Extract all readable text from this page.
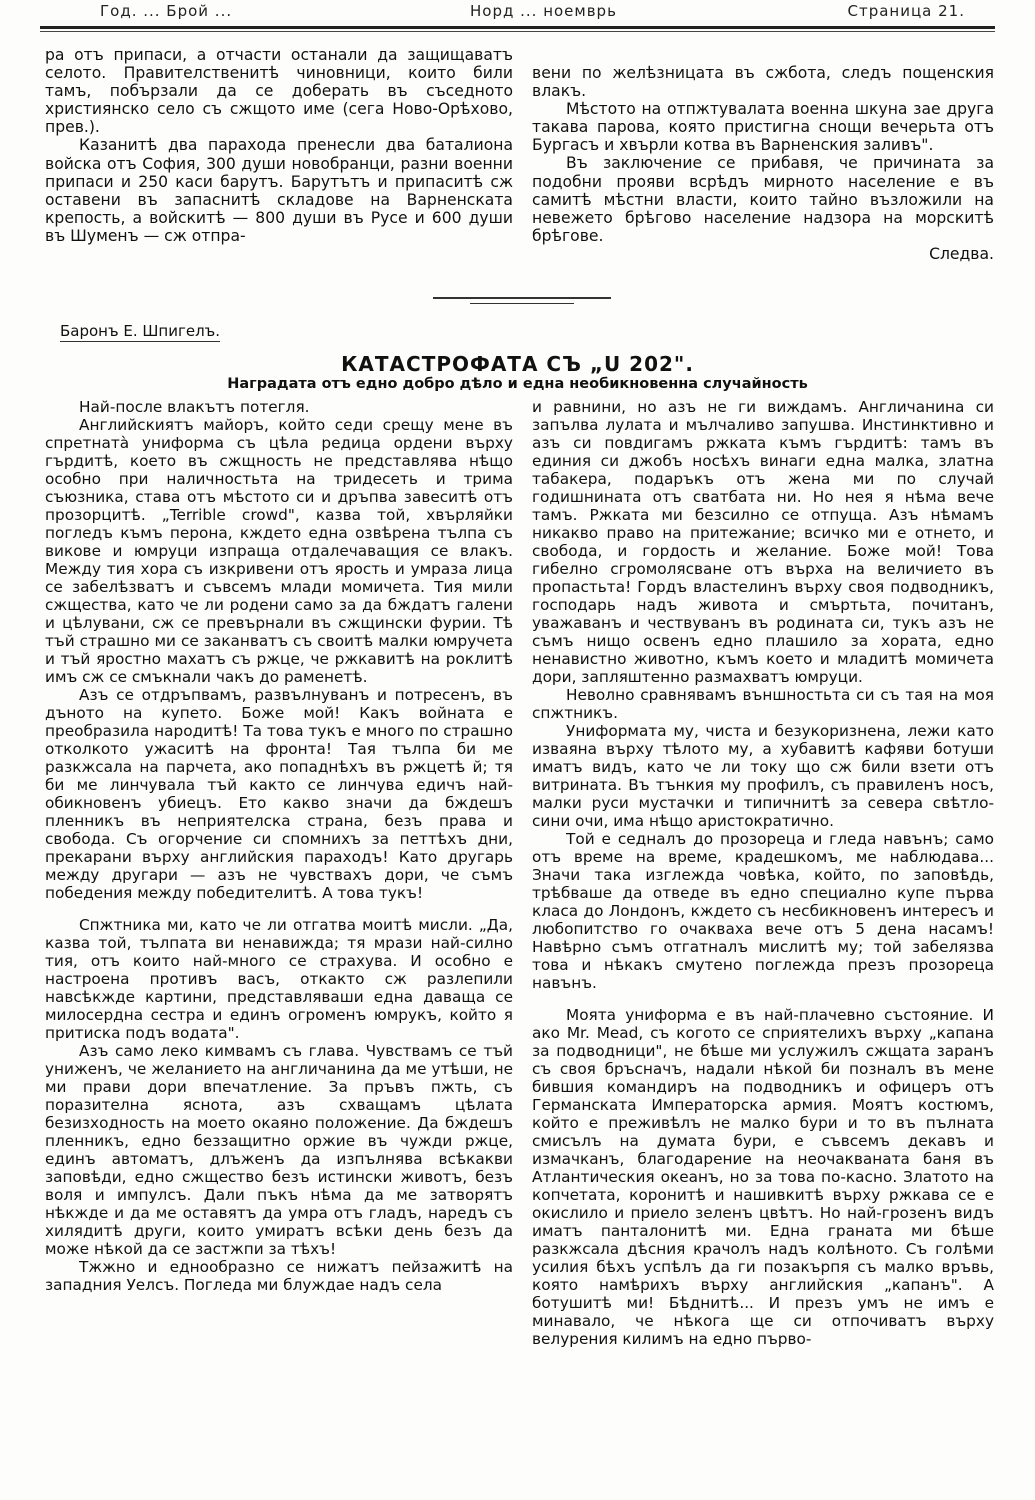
Год. ... Брой ...	Норд ... ноемврь	Страница 21.

ра отъ припаси, а отчасти останали да защищаватъ селото. Правителственитѣ чиновници, които били тамъ, побързали да се доберать въ съседното християнско село съ сжщото име (сега Ново-Орѣхово, прев.).

Казанитѣ два парахода пренесли два баталиона войска отъ София, 300 души новобранци, разни военни припаси и 250 каси барутъ. Барутътъ и припаситѣ сж оставени въ запаснитѣ складове на Варненската крепость, а войскитѣ — 800 души въ Русе и 600 души въ Шуменъ — сж отпра-

вени по желѣзницата въ сжбота, следъ пощенския влакъ.

Мѣстото на отпжтувалата военна шкуна зае друга такава парова, която пристигна снощи вечерьта отъ Бургасъ и хвърли котва въ Варненския заливъ".

Въ заключение се прибавя, че причината за подобни прояви всрѣдъ мирното население е въ самитѣ мѣстни власти, които тайно възложили на невежето брѣгово население надзора на морскитѣ брѣгове.

Следва.

Баронъ Е. Шпигелъ.
КАТАСТРОФАТА СЪ „U 202".
Наградата отъ едно добро дѣло и една необикновенна случайность

Най-после влакътъ потегля.

Английскиятъ майоръ, който седи срещу мене въ спретнатà униформа съ цѣла редица ордени върху гърдитѣ, което въ сжщность не представлява нѣщо особно при наличностьта на тридесеть и трима съюзника, става отъ мѣстото си и дръпва завеситѣ отъ прозорцитѣ. „Terrible crowd", казва той, хвърляйки погледъ къмъ перона, кждето една озвѣрена тълпа съ викове и юмруци изпраща отдалечаващия се влакъ. Между тия хора съ изкривени отъ ярость и умраза лица се забелѣзватъ и съвсемъ млади момичета. Тия мили сжщества, като че ли родени само за да бждатъ галени и цѣлувани, сж се превърнали въ сжщински фурии. Тѣ тъй страшно ми се заканватъ съ своитѣ малки юмручета и тъй яростно махатъ съ ржце, че ржкавитѣ на роклитѣ имъ сж се смъкнали чакъ до раменетѣ.

Азъ се отдръпвамъ, развълнуванъ и потресенъ, въ дъното на купето. Боже мой! Какъ войната е преобразила народитѣ! Та това тукъ е много по страшно отколкото ужаситѣ на фронта! Тая тълпа би ме разкжсала на парчета, ако попаднѣхъ въ ржцетѣ й; тя би ме линчувала тъй както се линчува едичъ най-обикновенъ убиецъ. Ето какво значи да бждешъ пленникъ въ неприятелска страна, безъ права и свобода. Съ огорчение си спомнихъ за петтѣхъ дни, прекарани върху английския параходъ! Като другарь между другари — азъ не чувствахъ дори, че съмъ победения между победителитѣ. А това тукъ!

Спжтника ми, като че ли отгатва моитѣ мисли. „Да, казва той, тълпата ви ненавижда; тя мрази най-силно тия, отъ които най-много се страхува. И особно е настроена противъ васъ, откакто сж разлепили навсѣкжде картини, представляваши една даваща се милосердна сестра и единъ огроменъ юмрукъ, който я притиска подъ водата".

Азъ само леко кимвамъ съ глава. Чувствамъ се тъй униженъ, че желанието на англичанина да ме утѣши, не ми прави дори впечатление. За пръвъ пжть, съ поразителна яснота, азъ схващамъ цѣлата безизходность на моето окаяно положение. Да бждешъ пленникъ, едно беззащитно оржие въ чужди ржце, единъ автоматъ, длъженъ да изпълнява всѣкакви заповѣди, едно сжщество безъ истински животъ, безъ воля и импулсъ. Дали пъкъ нѣма да ме затворятъ нѣкжде и да ме оставятъ да умра отъ гладъ, наредъ съ хилядитѣ други, които умиратъ всѣки день безъ да може нѣкой да се застжпи за тѣхъ!

Тжжно и еднообразно се нижатъ пейзажитѣ на западния Уелсъ. Погледа ми блуждае надъ села

и равнини, но азъ не ги виждамъ. Англичанина си запълва лулата и мълчаливо запушва. Инстинктивно и азъ си повдигамъ ржката къмъ гърдитѣ: тамъ въ единия си джобъ носѣхъ винаги една малка, златна табакера, подаръкъ отъ жена ми по случай годишнината отъ сватбата ни. Но нея я нѣма вече тамъ. Ржката ми безсилно се отпуща. Азъ нѣмамъ никакво право на притежание; всичко ми е отнето, и свобода, и гордость и желание. Боже мой! Това гибелно сгромолясване отъ върха на величието въ пропастьта! Гордъ властелинъ върху своя подводникъ, господарь надъ живота и смъртьта, почитанъ, уважаванъ и чествуванъ въ родината си, тукъ азъ не съмъ нищо освенъ едно плашило за хората, едно ненавистно животно, къмъ което и младитѣ момичета дори, запляштенно размахватъ юмруци.

Неволно сравнявамъ външностьта си съ тая на моя спжтникъ.

Униформата му, чиста и безукоризнена, лежи като изваяна върху тѣлото му, а хубавитѣ кафяви ботуши иматъ видъ, като че ли току що сж били взети отъ витрината. Въ тънкия му профилъ, съ правиленъ носъ, малки руси мустачки и типичнитѣ за севера свѣтло-сини очи, има нѣщо аристократично.

Той е седналъ до прозореца и гледа навънъ; само отъ време на време, крадешкомъ, ме наблюдава... Значи така изглежда човѣка, който, по заповѣдь, трѣбваше да отведе въ едно специално купе първа класа до Лондонъ, кждето съ несбикновенъ интересъ и любопитство го очакваха вече отъ 5 дена насамъ! Навѣрно съмъ отгатналъ мислитѣ му; той забелязва това и нѣкакъ смутено поглежда презъ прозореца навънъ.

Моята униформа е въ най-плачевно състояние. И ако Mr. Mead, съ когото се сприятелихъ върху „капана за подводници", не бѣше ми услужилъ сжщата заранъ съ своя бръсначъ, надали нѣкой би позналъ въ мене бившия командиръ на подводникъ и офицеръ отъ Германската Императорска армия. Моятъ костюмъ, който е преживѣлъ не малко бури и то въ пълната смисълъ на думата бури, е съвсемъ декавъ и измачканъ, благодарение на неочакваната баня въ Атлантическия океанъ, но за това по-касно. Златото на копчетата, коронитѣ и нашивкитѣ върху ржкава се е окислило и приело зеленъ цвѣтъ. Но най-грозенъ видъ иматъ панталонитѣ ми. Една граната ми бѣше разкжсала дѣсния крачолъ надъ колѣното. Съ голѣми усилия бѣхъ успѣлъ да ги позакърпя съ малко връвь, която намѣрихъ върху английския „капанъ". А ботушитѣ ми! Бѣднитѣ... И презъ умъ не имъ е минавало, че нѣкога ще си отпочиватъ върху велурения килимъ на едно първо-
